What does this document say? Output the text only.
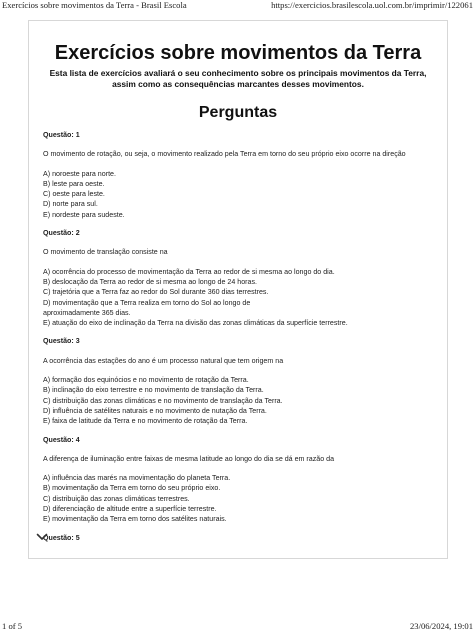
Exercícios sobre movimentos da Terra - Brasil Escola	https://exercicios.brasilescola.uol.com.br/imprimir/122061
Exercícios sobre movimentos da Terra
Esta lista de exercícios avaliará o seu conhecimento sobre os principais movimentos da Terra, assim como as consequências marcantes desses movimentos.
Perguntas
Questão: 1
O movimento de rotação, ou seja, o movimento realizado pela Terra em torno do seu próprio eixo ocorre na direção
A) noroeste para norte.
B) leste para oeste.
C) oeste para leste.
D) norte para sul.
E) nordeste para sudeste.
Questão: 2
O movimento de translação consiste na
A) ocorrência do processo de movimentação da Terra ao redor de si mesma ao longo do dia.
B) deslocação da Terra ao redor de si mesma ao longo de 24 horas.
C) trajetória que a Terra faz ao redor do Sol durante 360 dias terrestres.
D) movimentação que a Terra realiza em torno do Sol ao longo de aproximadamente 365 dias.
E) atuação do eixo de inclinação da Terra na divisão das zonas climáticas da superfície terrestre.
Questão: 3
A ocorrência das estações do ano é um processo natural que tem origem na
A) formação dos equinócios e no movimento de rotação da Terra.
B) inclinação do eixo terrestre e no movimento de translação da Terra.
C) distribuição das zonas climáticas e no movimento de translação da Terra.
D) influência de satélites naturais e no movimento de nutação da Terra.
E) faixa de latitude da Terra e no movimento de rotação da Terra.
Questão: 4
A diferença de iluminação entre faixas de mesma latitude ao longo do dia se dá em razão da
A) influência das marés na movimentação do planeta Terra.
B) movimentação da Terra em torno do seu próprio eixo.
C) distribuição das zonas climáticas terrestres.
D) diferenciação de altitude entre a superfície terrestre.
E) movimentação da Terra em torno dos satélites naturais.
Questão: 5
1 of 5	23/06/2024, 19:01
